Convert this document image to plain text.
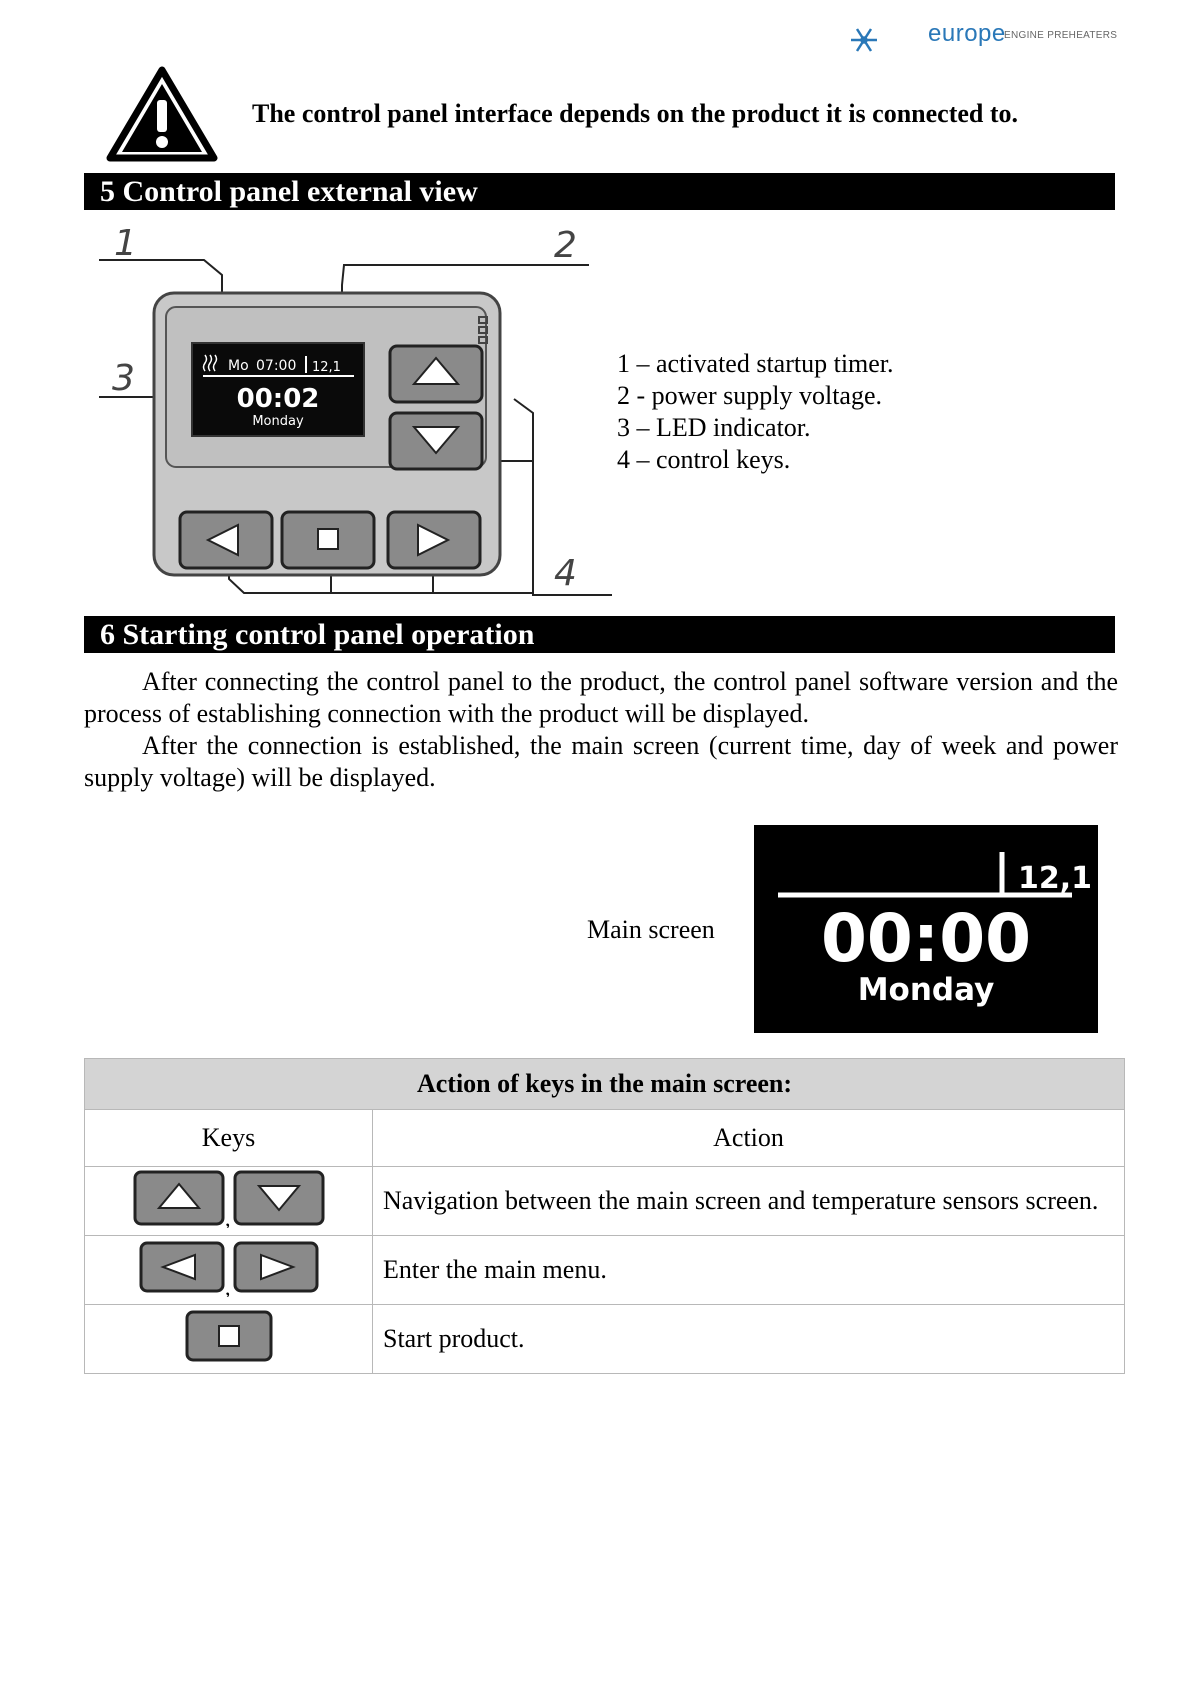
europe
ENGINE PREHEATERS
The control panel interface depends on the product it is connected to.
5 Control panel external view
1	2
3
4
Mo 07:00 12,1
00:02
Monday
1 – activated startup timer.
2 - power supply voltage.
3 – LED indicator.
4 – control keys.
6 Starting control panel operation
After connecting the control panel to the product, the control panel software version and the process of establishing connection with the product will be displayed.
After the connection is established, the main screen (current time, day of week and power supply voltage) will be displayed.
Main screen
12,1
00:00
Monday
Action of keys in the main screen:	
Keys	Action

,	Navigation between the main screen and temperature sensors screen.

,	Enter the main menu.
	Start product.
